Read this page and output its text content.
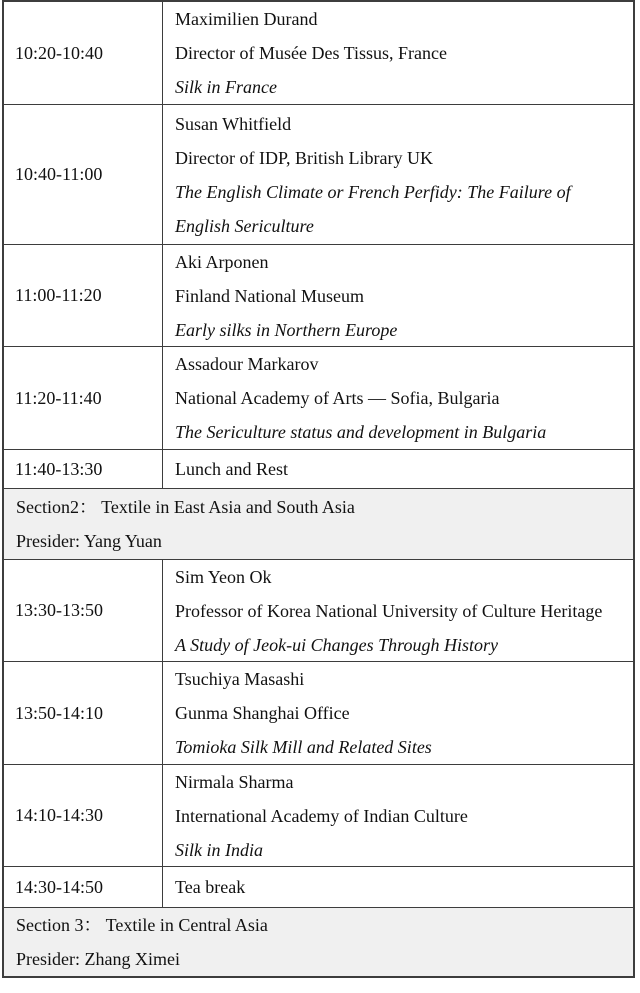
10:20-10:40

Maximilien Durand

Director of Musée Des Tissus, France

Silk in France

10:40-11:00

Susan Whitfield

Director of IDP, British Library UK

The English Climate or French Perfidy: The Failure of English Sericulture

11:00-11:20

Aki Arponen

Finland National Museum

Early silks in Northern Europe

11:20-11:40

Assadour Markarov

National Academy of Arts — Sofia, Bulgaria

The Sericulture status and development in Bulgaria

11:40-13:30	Lunch and Rest

Section2： Textile in East Asia and South Asia

Presider: Yang Yuan

13:30-13:50

Sim Yeon Ok

Professor of Korea National University of Culture Heritage

A Study of Jeok-ui Changes Through History

13:50-14:10

Tsuchiya Masashi

Gunma Shanghai Office

Tomioka Silk Mill and Related Sites

14:10-14:30

Nirmala Sharma

International Academy of Indian Culture

Silk in India

14:30-14:50	Tea break

Section 3： Textile in Central Asia

Presider: Zhang Ximei
